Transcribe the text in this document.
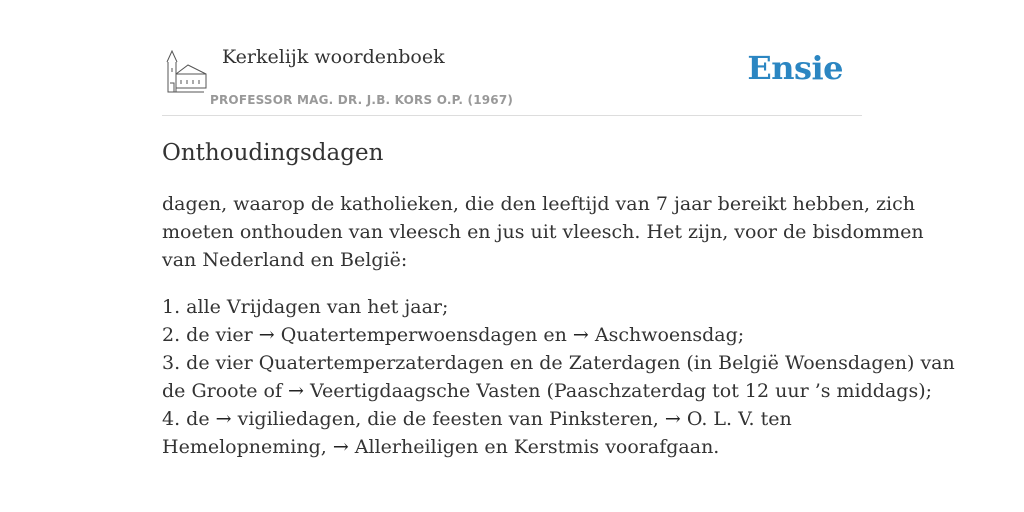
Kerkelijk woordenboek
PROFESSOR MAG. DR. J.B. KORS O.P. (1967)
Ensie
Onthoudingsdagen

dagen, waarop de katholieken, die den leeftijd van 7 jaar bereikt hebben, zich
moeten onthouden van vleesch en jus uit vleesch. Het zijn, voor de bisdommen
van Nederland en België:

1. alle Vrijdagen van het jaar;
2. de vier → Quatertemperwoensdagen en → Aschwoensdag;
3. de vier Quatertemperzaterdagen en de Zaterdagen (in België Woensdagen) van
de Groote of → Veertigdaagsche Vasten (Paaschzaterdag tot 12 uur ’s middags);
4. de → vigiliedagen, die de feesten van Pinksteren, → O. L. V. ten
Hemelopneming, → Allerheiligen en Kerstmis voorafgaan.
